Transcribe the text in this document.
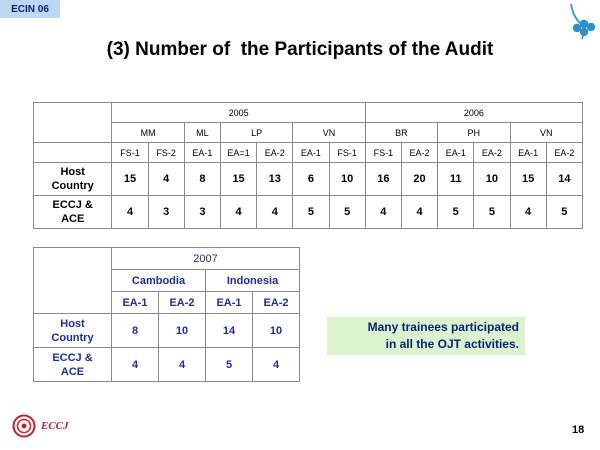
ECIN 06
(3) Number of  the Participants of the Audit
	2005							2006					
	MM		ML	LP		VN		BR		PH		VN	
	FS-1	FS-2	EA-1	EA=1	EA-2	EA-1	FS-1	FS-1	EA-2	EA-1	EA-2	EA-1	EA-2
Host
Country	15	4	8	15	13	6	10	16	20	11	10	15	14
ECCJ &
ACE	4	3	3	4	4	5	5	4	4	5	5	4	5
	2007			
	Cambodia		Indonesia	
	EA-1	EA-2	EA-1	EA-2
Host
Country	8	10	14	10
ECCJ &
ACE	4	4	5	4
Many trainees participated
in all the OJT activities.
ECCJ	18
